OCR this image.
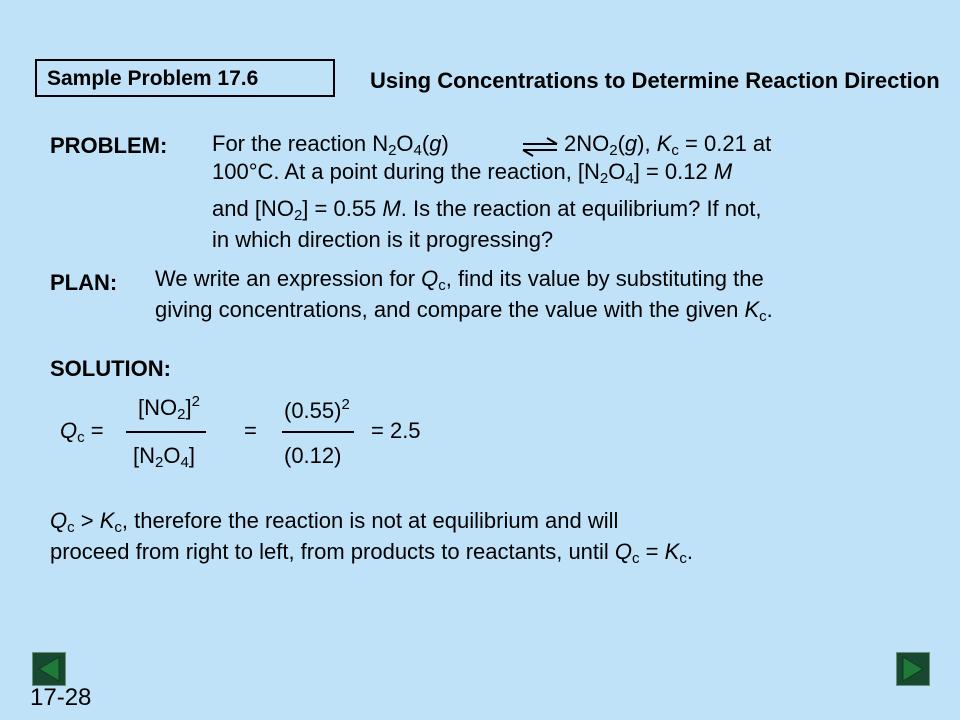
Sample Problem 17.6	Using Concentrations to Determine Reaction Direction
PROBLEM: For the reaction $N_2O_4(g)$	⇌ $2NO_2(g)$, $K_c = 0.21$ at
100°C. At a point during the reaction, $[N_2O_4] = 0.12$ M
and $[NO_2] = 0.55$ M. Is the reaction at equilibrium? If not,
in which direction is it progressing?
PLAN: We write an expression for $Q_c$, find its value by substituting the
giving concentrations, and compare the value with the given $K_c$.
SOLUTION:
$Q_c$ =
$[NO_2]^2$
$[N_2O_4]$
=
$(0.55)^2$
(0.12)
= 2.5
$Q_c > K_c$, therefore the reaction is not at equilibrium and will
proceed from right to left, from products to reactants, until $Q_c = K_c$.
17-28
